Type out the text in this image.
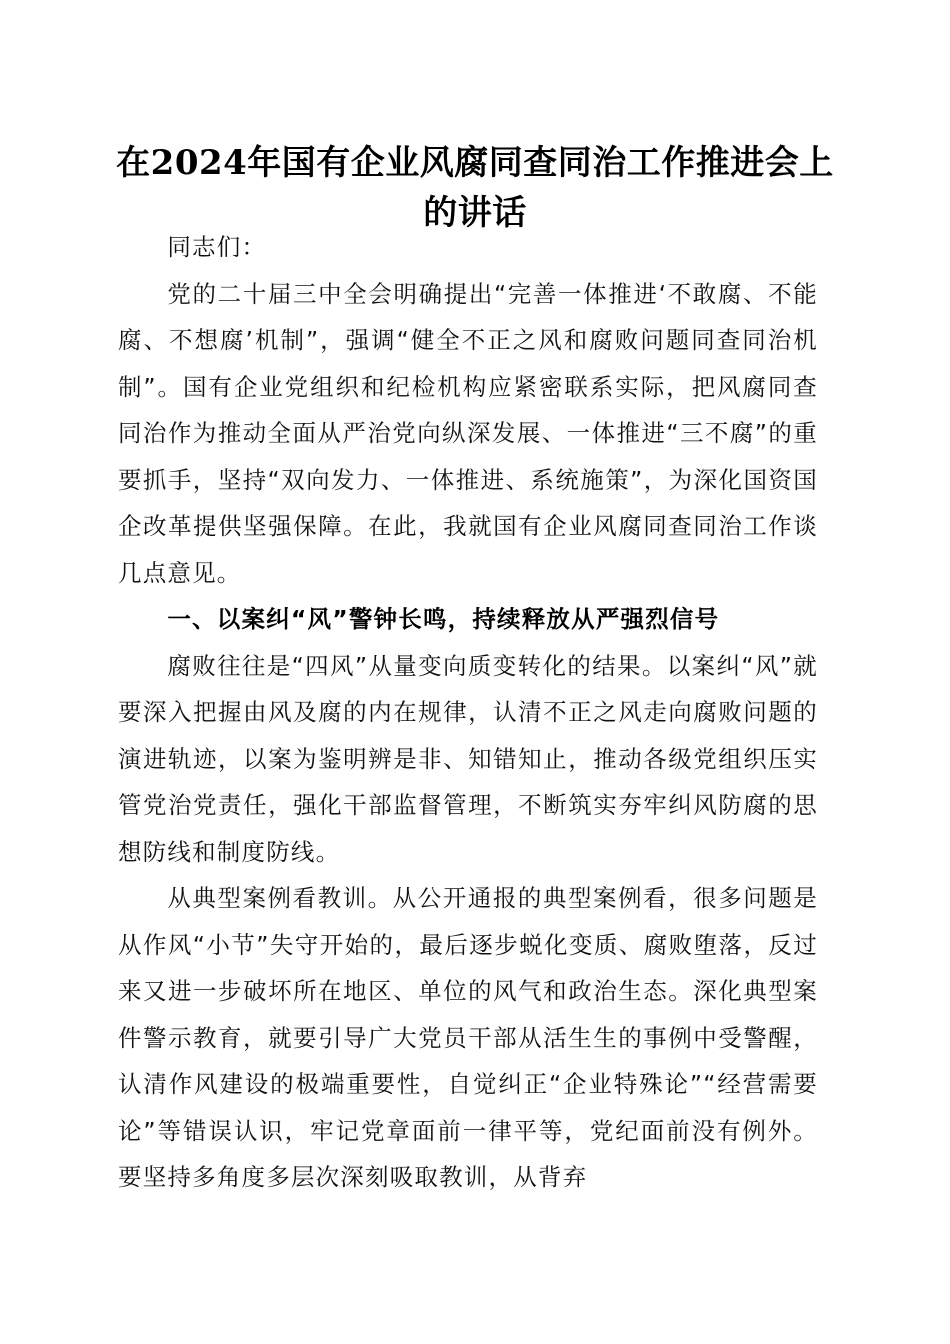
在2024年国有企业风腐同查同治工作推进会上的讲话

同志们：

党的二十届三中全会明确提出“完善一体推进‘不敢腐、不能腐、不想腐’机制”，强调“健全不正之风和腐败问题同查同治机制”。国有企业党组织和纪检机构应紧密联系实际，把风腐同查同治作为推动全面从严治党向纵深发展、一体推进“三不腐”的重要抓手，坚持“双向发力、一体推进、系统施策”，为深化国资国企改革提供坚强保障。在此，我就国有企业风腐同查同治工作谈几点意见。

一、以案纠“风”警钟长鸣，持续释放从严强烈信号

腐败往往是“四风”从量变向质变转化的结果。以案纠“风”就要深入把握由风及腐的内在规律，认清不正之风走向腐败问题的演进轨迹，以案为鉴明辨是非、知错知止，推动各级党组织压实管党治党责任，强化干部监督管理，不断筑实夯牢纠风防腐的思想防线和制度防线。

从典型案例看教训。从公开通报的典型案例看，很多问题是从作风“小节”失守开始的，最后逐步蜕化变质、腐败堕落，反过来又进一步破坏所在地区、单位的风气和政治生态。深化典型案件警示教育，就要引导广大党员干部从活生生的事例中受警醒，认清作风建设的极端重要性，自觉纠正“企业特殊论”“经营需要论”等错误认识，牢记党章面前一律平等，党纪面前没有例外。要坚持多角度多层次深刻吸取教训，从背弃
